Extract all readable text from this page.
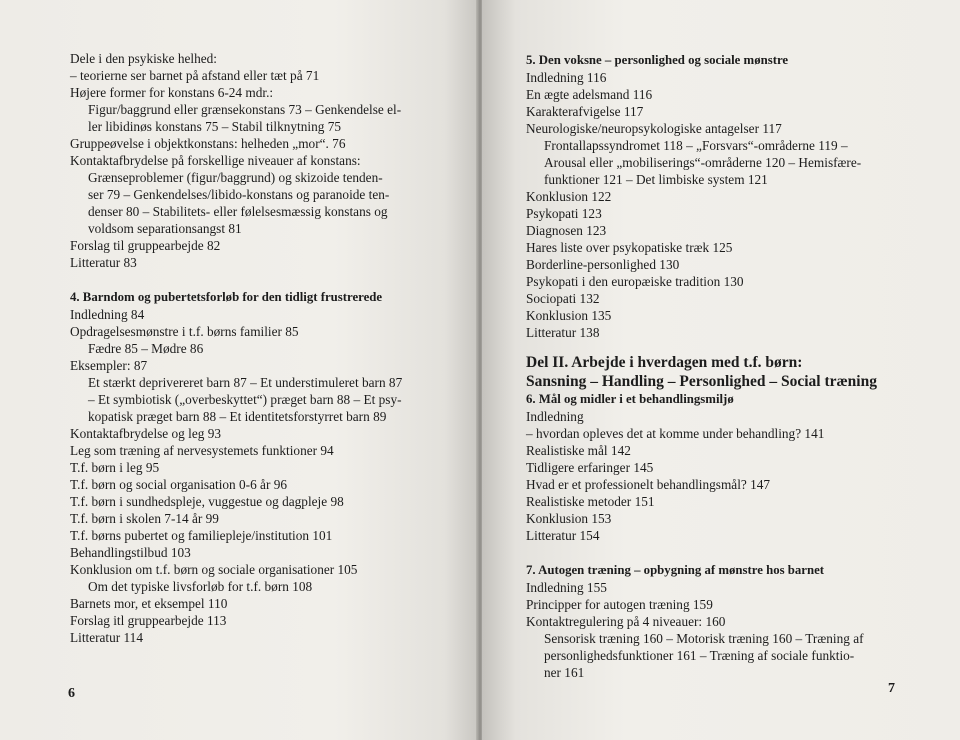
Dele i den psykiske helhed:
– teorierne ser barnet på afstand eller tæt på 71
Højere former for konstans 6-24 mdr.:
Figur/baggrund eller grænsekonstans 73 – Genkendelse el-
ler libidinøs konstans 75 – Stabil tilknytning 75
Gruppeøvelse i objektkonstans: helheden „mor“. 76
Kontaktafbrydelse på forskellige niveauer af konstans:
Grænseproblemer (figur/baggrund) og skizoide tenden-
ser 79 – Genkendelses/libido-konstans og paranoide ten-
denser 80 – Stabilitets- eller følelsesmæssig konstans og
voldsom separationsangst 81
Forslag til gruppearbejde 82
Litteratur 83
4. Barndom og pubertetsforløb for den tidligt frustrerede
Indledning 84
Opdragelsesmønstre i t.f. børns familier 85
Fædre 85 – Mødre 86
Eksempler: 87
Et stærkt deprivereret barn 87 – Et understimuleret barn 87
– Et symbiotisk („overbeskyttet“) præget barn 88 – Et psy-
kopatisk præget barn 88 – Et identitetsforstyrret barn 89
Kontaktafbrydelse og leg 93
Leg som træning af nervesystemets funktioner 94
T.f. børn i leg 95
T.f. børn og social organisation 0-6 år 96
T.f. børn i sundhedspleje, vuggestue og dagpleje 98
T.f. børn i skolen 7-14 år 99
T.f. børns pubertet og familiepleje/institution 101
Behandlingstilbud 103
Konklusion om t.f. børn og sociale organisationer 105
Om det typiske livsforløb for t.f. børn 108
Barnets mor, et eksempel 110
Forslag itl gruppearbejde 113
Litteratur 114
6
5. Den voksne – personlighed og sociale mønstre
Indledning 116
En ægte adelsmand 116
Karakterafvigelse 117
Neurologiske/neuropsykologiske antagelser 117
Frontallapssyndromet 118 – „Forsvars“-områderne 119 –
Arousal eller „mobiliserings“-områderne 120 – Hemisfære-
funktioner 121 – Det limbiske system 121
Konklusion 122
Psykopati 123
Diagnosen 123
Hares liste over psykopatiske træk 125
Borderline-personlighed 130
Psykopati i den europæiske tradition 130
Sociopati 132
Konklusion 135
Litteratur 138
Del II. Arbejde i hverdagen med t.f. børn:
Sansning – Handling – Personlighed – Social træning
6. Mål og midler i et behandlingsmiljø
Indledning
– hvordan opleves det at komme under behandling? 141
Realistiske mål 142
Tidligere erfaringer 145
Hvad er et professionelt behandlingsmål? 147
Realistiske metoder 151
Konklusion 153
Litteratur 154
7. Autogen træning – opbygning af mønstre hos barnet
Indledning 155
Principper for autogen træning 159
Kontaktregulering på 4 niveauer: 160
Sensorisk træning 160 – Motorisk træning 160 – Træning af
personlighedsfunktioner 161 – Træning af sociale funktio-
ner 161
7
